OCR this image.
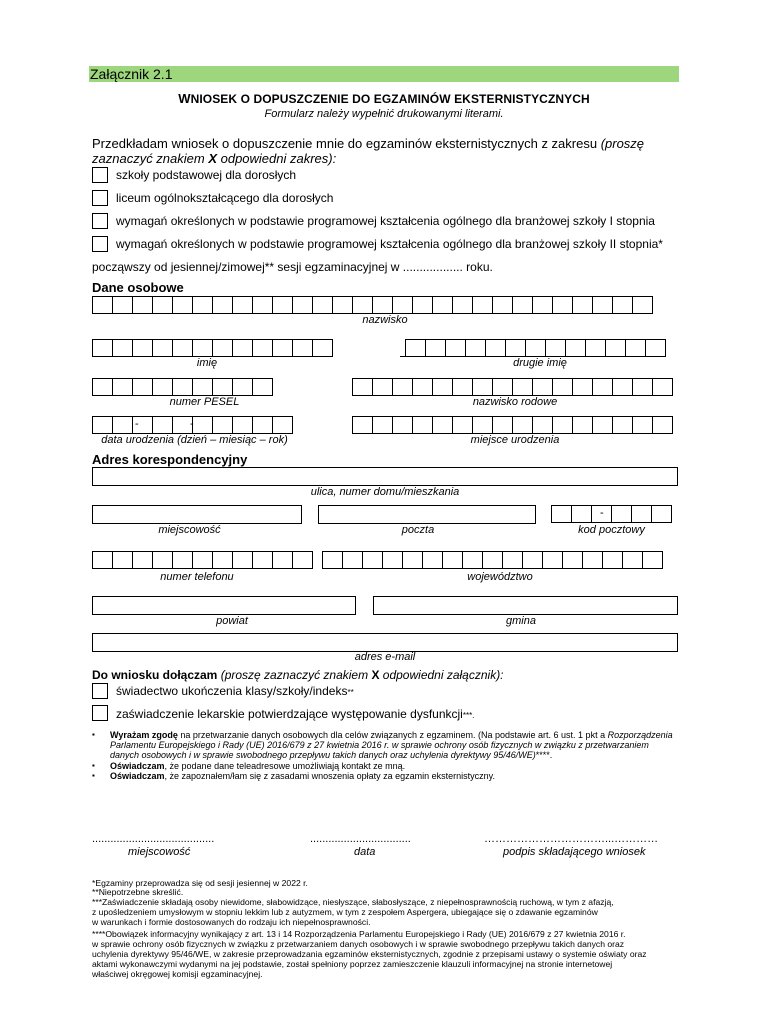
Załącznik 2.1
WNIOSEK O DOPUSZCZENIE DO EGZAMINÓW EKSTERNISTYCZNYCH
Formularz należy wypełnić drukowanymi literami.
Przedkładam wniosek o dopuszczenie mnie do egzaminów eksternistycznych z zakresu (proszę
zaznaczyć znakiem X odpowiedni zakres):
szkoły podstawowej dla dorosłych
liceum ogólnokształcącego dla dorosłych
wymagań określonych w podstawie programowej kształcenia ogólnego dla branżowej szkoły I stopnia
wymagań określonych w podstawie programowej kształcenia ogólnego dla branżowej szkoły II stopnia*
począwszy od jesiennej/zimowej** sesji egzaminacyjnej w .................. roku.
Dane osobowe
nazwisko
imię	drugie imię
numer PESEL	nazwisko rodowe
-	-
data urodzenia (dzień – miesiąc – rok)	miejsce urodzenia
Adres korespondencyjny
ulica, numer domu/mieszkania
-
miejscowość	poczta	kod pocztowy
numer telefonu	województwo
powiat	gmina
adres e-mail
Do wniosku dołączam (proszę zaznaczyć znakiem X odpowiedni załącznik):
świadectwo ukończenia klasy/szkoły/indeks**
zaświadczenie lekarskie potwierdzające występowanie dysfunkcji***.
▪ Wyrażam zgodę na przetwarzanie danych osobowych dla celów związanych z egzaminem. (Na podstawie art. 6 ust. 1 pkt a Rozporządzenia Parlamentu Europejskiego i Rady (UE) 2016/679 z 27 kwietnia 2016 r. w sprawie ochrony osób fizycznych w związku z przetwarzaniem danych osobowych i w sprawie swobodnego przepływu takich danych oraz uchylenia dyrektywy 95/46/WE)****.
▪ Oświadczam, że podane dane teleadresowe umożliwiają kontakt ze mną.
▪ Oświadczam, że zapoznałem/łam się z zasadami wnoszenia opłaty za egzamin eksternistyczny.
........................................	.................................	……………………………...…………
miejscowość	data	podpis składającego wniosek
*Egzaminy przeprowadza się od sesji jesiennej w 2022 r.
**Niepotrzebne skreślić.
***Zaświadczenie składają osoby niewidome, słabowidzące, niesłyszące, słabosłyszące, z niepełnosprawnością ruchową, w tym z afazją,
z upośledzeniem umysłowym w stopniu lekkim lub z autyzmem, w tym z zespołem Aspergera, ubiegające się o zdawanie egzaminów
w warunkach i formie dostosowanych do rodzaju ich niepełnosprawności.
****Obowiązek informacyjny wynikający z art. 13 i 14 Rozporządzenia Parlamentu Europejskiego i Rady (UE) 2016/679 z 27 kwietnia 2016 r.
w sprawie ochrony osób fizycznych w związku z przetwarzaniem danych osobowych i w sprawie swobodnego przepływu takich danych oraz
uchylenia dyrektywy 95/46/WE, w zakresie przeprowadzania egzaminów eksternistycznych, zgodnie z przepisami ustawy o systemie oświaty oraz
aktami wykonawczymi wydanymi na jej podstawie, został spełniony poprzez zamieszczenie klauzuli informacyjnej na stronie internetowej
właściwej okręgowej komisji egzaminacyjnej.
